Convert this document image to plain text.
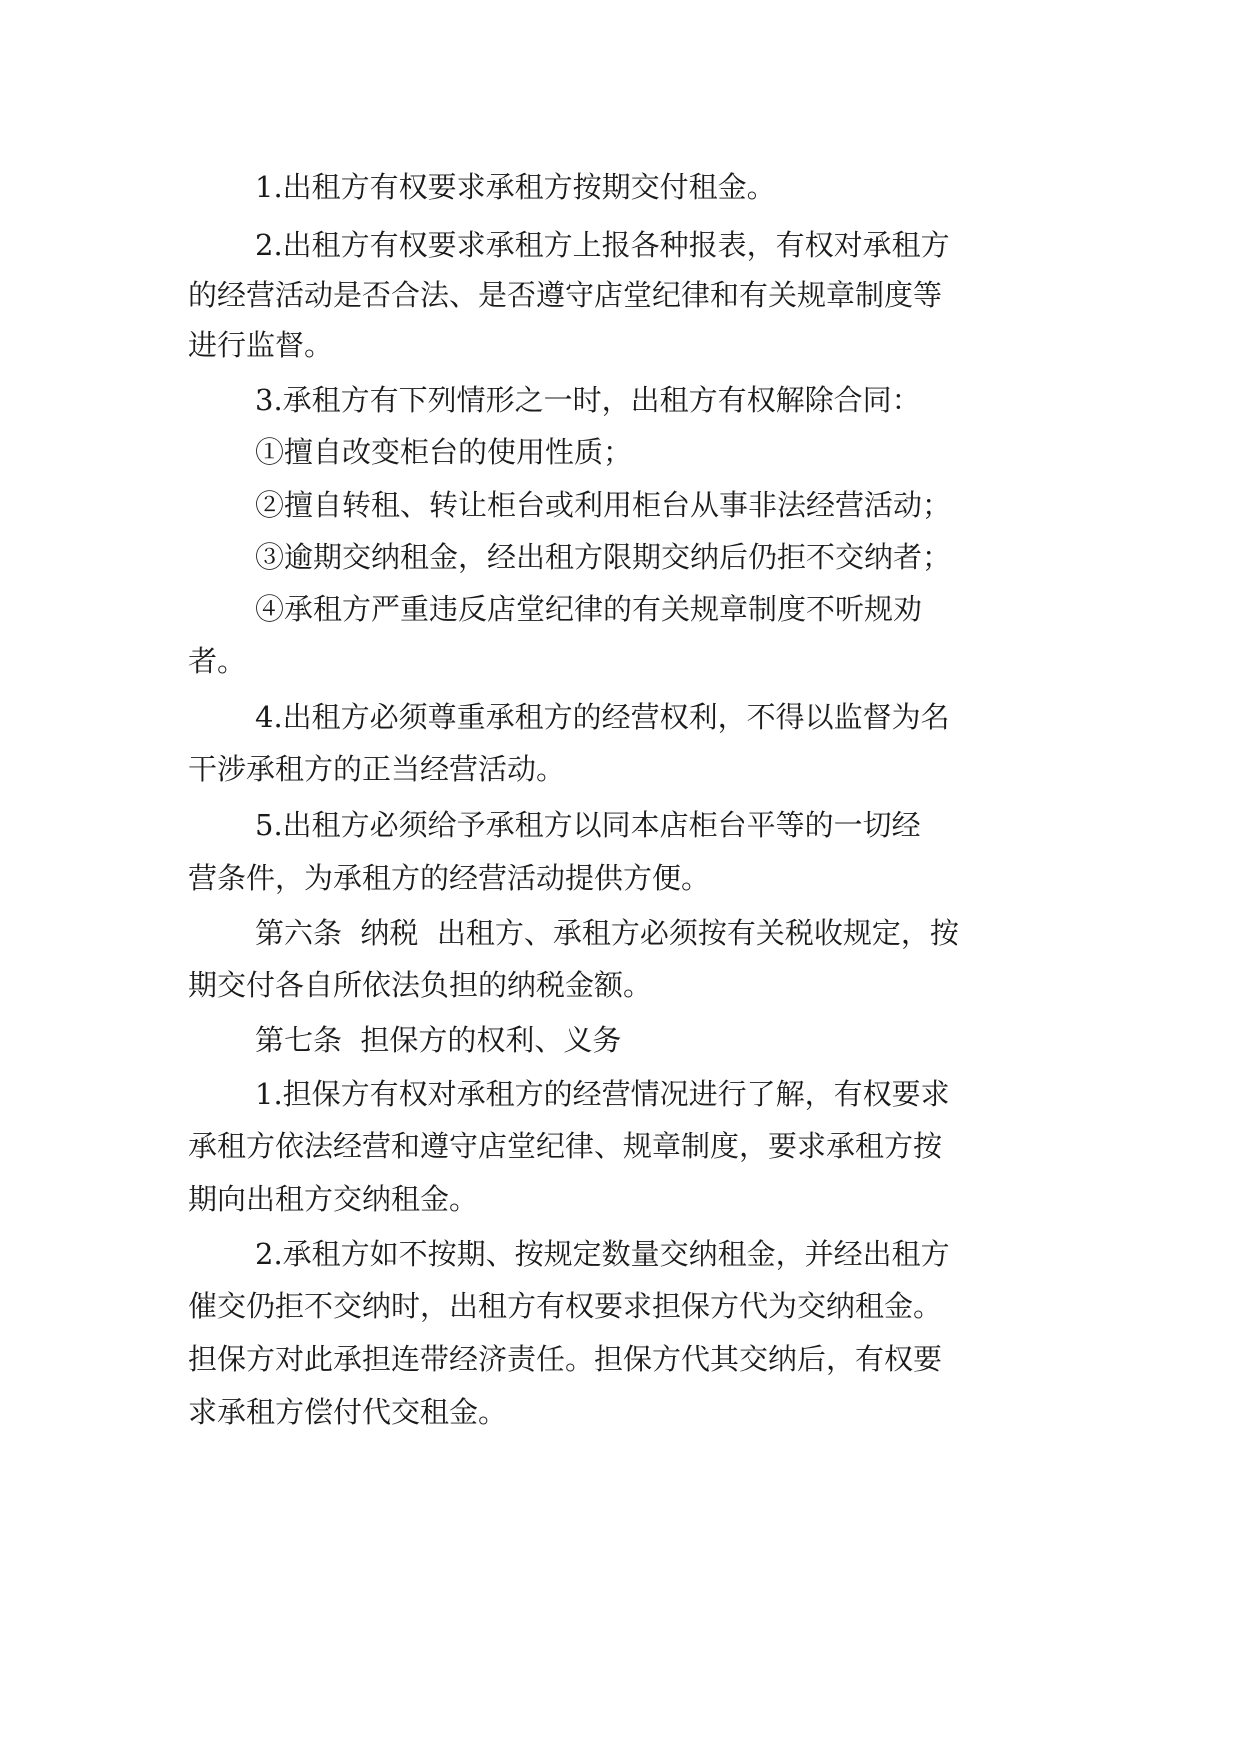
1.出租方有权要求承租方按期交付租金。
2.出租方有权要求承租方上报各种报表，有权对承租方
的经营活动是否合法、是否遵守店堂纪律和有关规章制度等
进行监督。
3.承租方有下列情形之一时，出租方有权解除合同：
①擅自改变柜台的使用性质；
②擅自转租、转让柜台或利用柜台从事非法经营活动；
③逾期交纳租金，经出租方限期交纳后仍拒不交纳者；
④承租方严重违反店堂纪律的有关规章制度不听规劝
者。
4.出租方必须尊重承租方的经营权利，不得以监督为名
干涉承租方的正当经营活动。
5.出租方必须给予承租方以同本店柜台平等的一切经
营条件，为承租方的经营活动提供方便。
第六条  纳税  出租方、承租方必须按有关税收规定，按
期交付各自所依法负担的纳税金额。
第七条  担保方的权利、义务
1.担保方有权对承租方的经营情况进行了解，有权要求
承租方依法经营和遵守店堂纪律、规章制度，要求承租方按
期向出租方交纳租金。
2.承租方如不按期、按规定数量交纳租金，并经出租方
催交仍拒不交纳时，出租方有权要求担保方代为交纳租金。
担保方对此承担连带经济责任。担保方代其交纳后，有权要
求承租方偿付代交租金。
